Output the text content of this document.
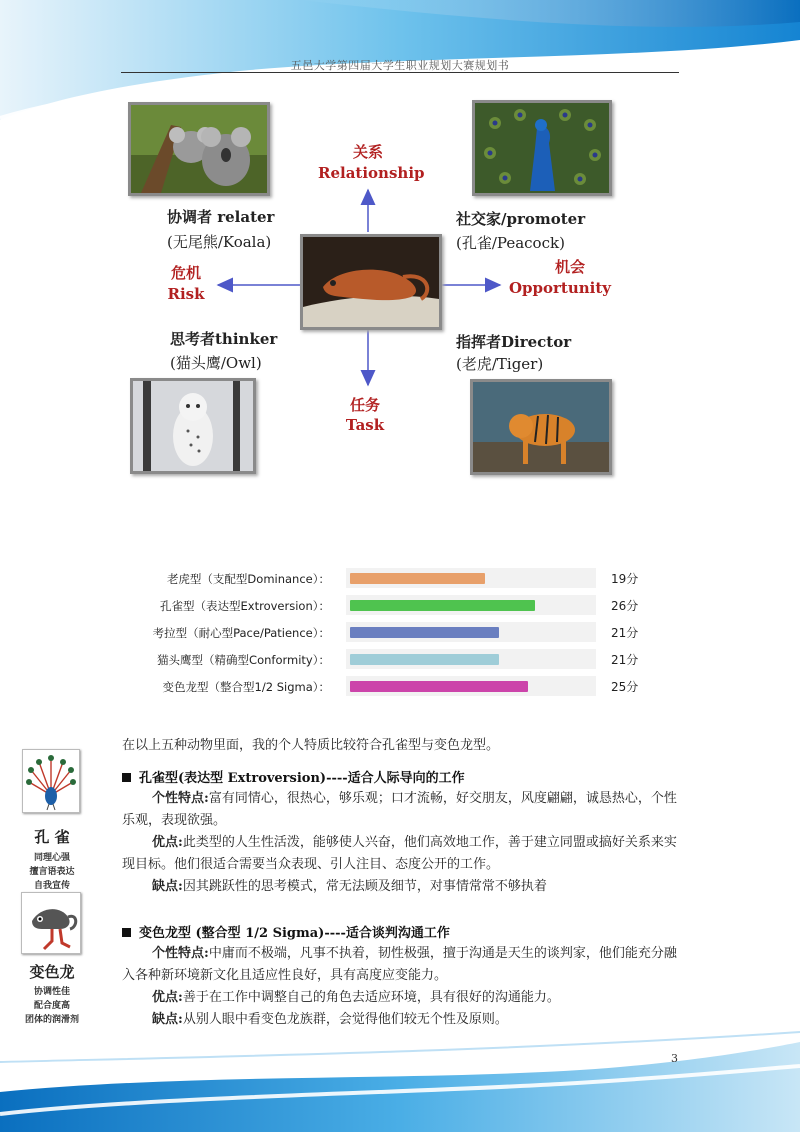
五邑大学第四届大学生职业规划大赛规划书
关系
Relationship
危机
Risk
机会
Opportunity
任务
Task
协调者 relater
(无尾熊/Koala)
社交家/promoter
(孔雀/Peacock)
思考者thinker
(猫头鹰/Owl)
指挥者Director
(老虎/Tiger)
老虎型（支配型Dominance）：	19分
孔雀型（表达型Extroversion）：	26分
考拉型（耐心型Pace/Patience）：	21分
猫头鹰型（精确型Conformity）：	21分
变色龙型（整合型1/2 Sigma）：	25分
在以上五种动物里面，我的个人特质比较符合孔雀型与变色龙型。
孔雀型(表达型 Extroversion)----适合人际导向的工作
个性特点:富有同情心，很热心，够乐观；口才流畅，好交朋友，风度翩翩，诚恳热心，个性乐观，表现欲强。
优点:此类型的人生性活泼，能够使人兴奋，他们高效地工作，善于建立同盟或搞好关系来实现目标。他们很适合需要当众表现、引人注目、态度公开的工作。
缺点:因其跳跃性的思考模式，常无法顾及细节，对事情常常不够执着
变色龙型 (整合型 1/2 Sigma)----适合谈判沟通工作
个性特点:中庸而不极端，凡事不执着，韧性极强，擅于沟通是天生的谈判家，他们能充分融入各种新环境新文化且适应性良好，具有高度应变能力。
优点:善于在工作中调整自己的角色去适应环境，具有很好的沟通能力。
缺点:从别人眼中看变色龙族群，会觉得他们较无个性及原则。
孔 雀
同理心强
擅言语表达
自我宣传
变色龙
协调性佳
配合度高
团体的润滑剂
3
